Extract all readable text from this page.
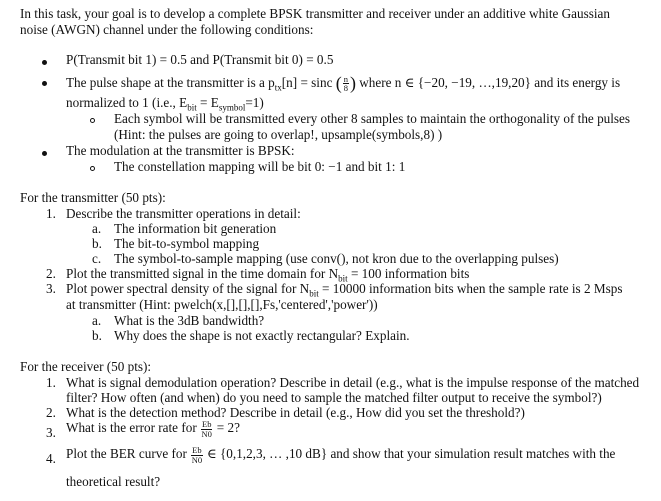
In this task, your goal is to develop a complete BPSK transmitter and receiver under an additive white Gaussian
noise (AWGN) channel under the following conditions:
P(Transmit bit 1) = 0.5 and P(Transmit bit 0) = 0.5
The pulse shape at the transmitter is a $p_{tx}[n] = \sin c$ ( $\frac{n}{8}$ ) where n ∈ {−20, −19, …,19,20} and its energy is
normalized to 1 (i.e., $E_{bit} = E_{symbol}=1$)
Each symbol will be transmitted every other 8 samples to maintain the orthogonality of the pulses
(Hint: the pulses are going to overlap!, upsample(symbols,8) )
The modulation at the transmitter is BPSK:
The constellation mapping will be bit 0: −1 and bit 1: 1
For the transmitter (50 pts):
1. Describe the transmitter operations in detail:
a. The information bit generation
b. The bit-to-symbol mapping
c. The symbol-to-sample mapping (use conv(), not kron due to the overlapping pulses)
2. Plot the transmitted signal in the time domain for $N_{bit} = 100$ information bits
3. Plot power spectral density of the signal for $N_{bit} = 10000$ information bits when the sample rate is 2 Msps
at transmitter (Hint: pwelch(x,[],[],[],Fs,'centered','power'))
a. What is the 3dB bandwidth?
b. Why does the shape is not exactly rectangular? Explain.
For the receiver (50 pts):
1. What is signal demodulation operation? Describe in detail (e.g., what is the impulse response of the matched
filter? How often (and when) do you need to sample the matched filter output to receive the symbol?)
2. What is the detection method? Describe in detail (e.g., How did you set the threshold?)
3. What is the error rate for $\frac{Eb}{N0} = 2$?
4. Plot the BER curve for $\frac{Eb}{N0}$ ∈ {0,1,2,3, … ,10 dB} and show that your simulation result matches with the
theoretical result?
